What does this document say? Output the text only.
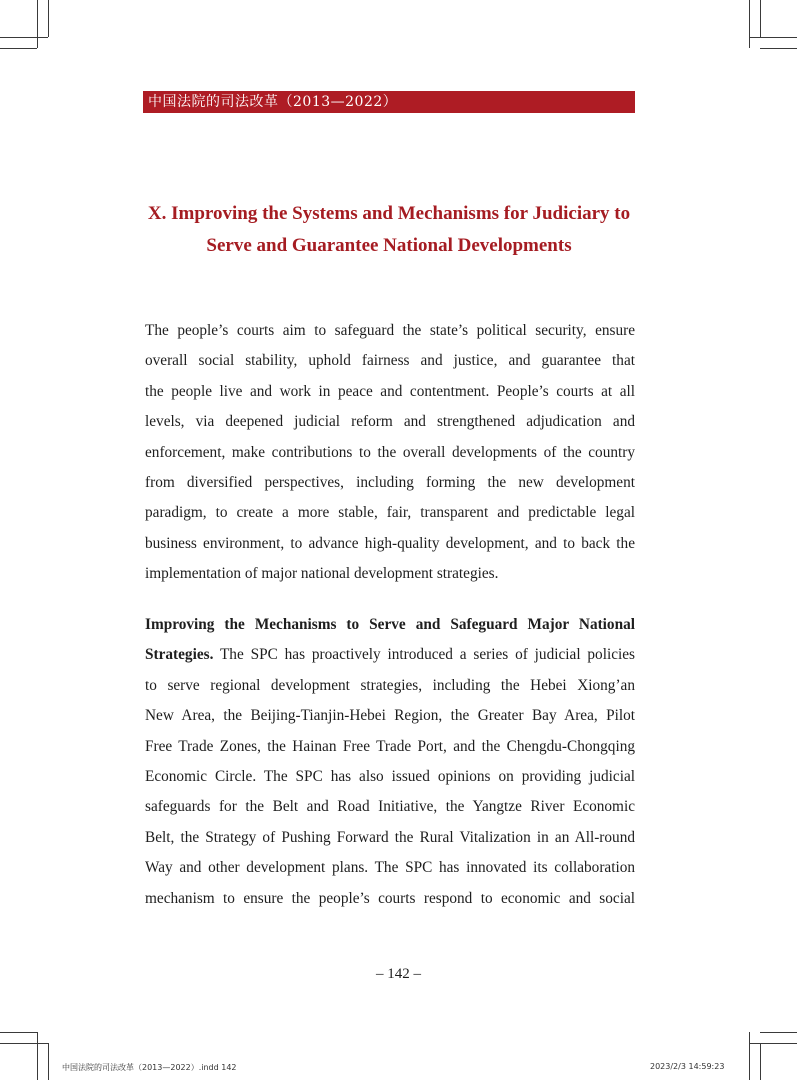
中国法院的司法改革（2013—2022）
X. Improving the Systems and Mechanisms for Judiciary to
Serve and Guarantee National Developments
The people’s courts aim to safeguard the state’s political security, ensure
overall social stability, uphold fairness and justice, and guarantee that
the people live and work in peace and contentment. People’s courts at all
levels, via deepened judicial reform and strengthened adjudication and
enforcement, make contributions to the overall developments of the country
from diversified perspectives, including forming the new development
paradigm, to create a more stable, fair, transparent and predictable legal
business environment, to advance high-quality development, and to back the
implementation of major national development strategies.
Improving the Mechanisms to Serve and Safeguard Major National
Strategies. The SPC has proactively introduced a series of judicial policies
to serve regional development strategies, including the Hebei Xiong’an
New Area, the Beijing-Tianjin-Hebei Region, the Greater Bay Area, Pilot
Free Trade Zones, the Hainan Free Trade Port, and the Chengdu-Chongqing
Economic Circle. The SPC has also issued opinions on providing judicial
safeguards for the Belt and Road Initiative, the Yangtze River Economic
Belt, the Strategy of Pushing Forward the Rural Vitalization in an All-round
Way and other development plans. The SPC has innovated its collaboration
mechanism to ensure the people’s courts respond to economic and social
– 142 –
中国法院的司法改革（2013—2022）.indd 142	2023/2/3 14:59:23
